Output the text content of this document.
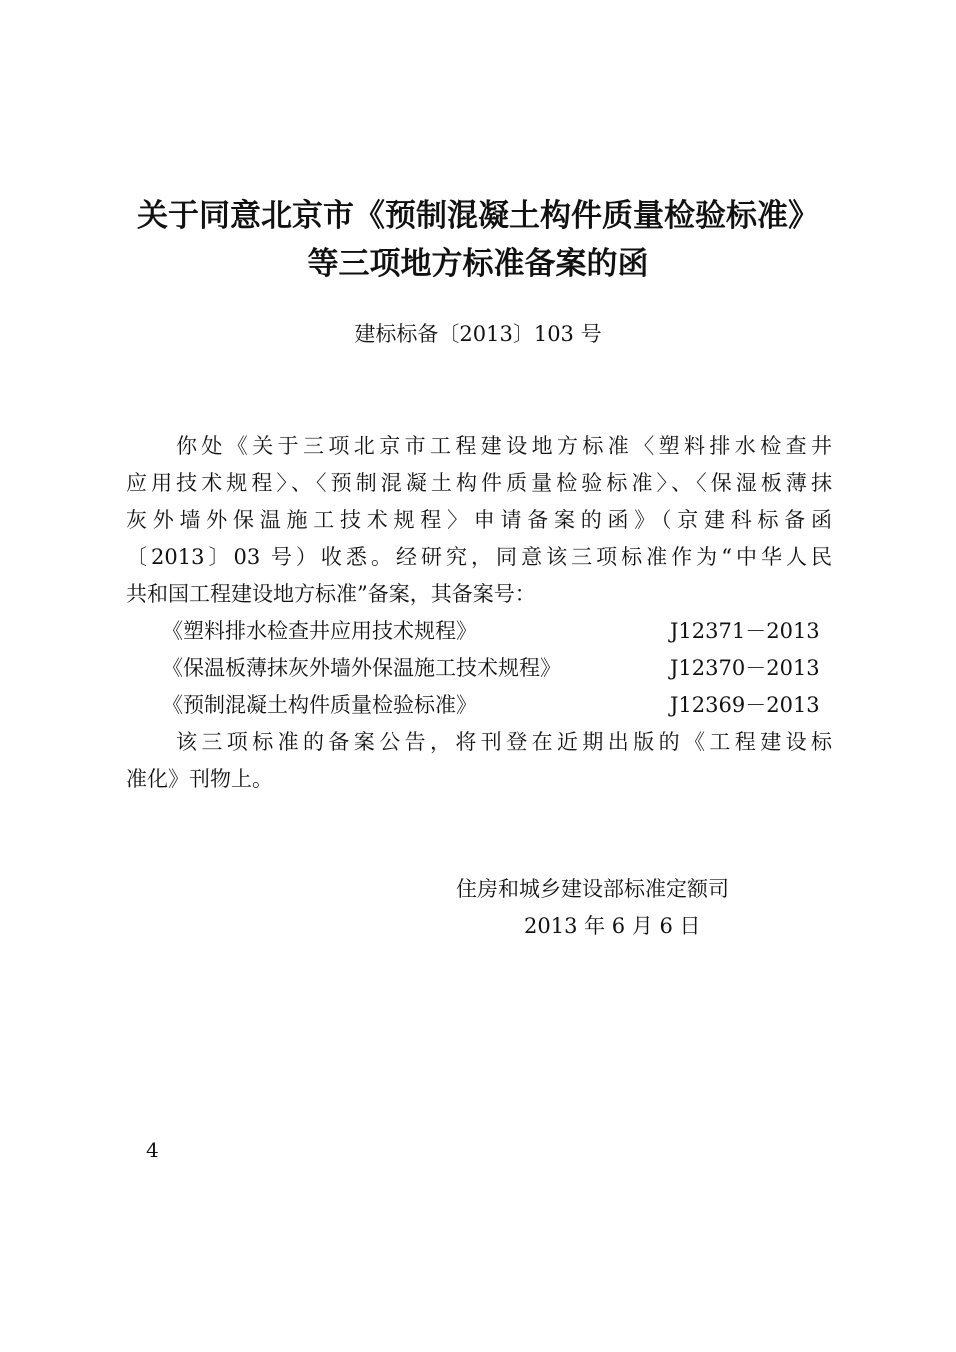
关于同意北京市《预制混凝土构件质量检验标准》
等三项地方标准备案的函
建标标备〔2013〕103 号
你处《关于三项北京市工程建设地方标准〈塑料排水检查井
应用技术规程〉、〈预制混凝土构件质量检验标准〉、〈保湿板薄抹
灰外墙外保温施工技术规程〉申请备案的函》（京建科标备函
〔2013〕03 号）收悉。经研究，同意该三项标准作为“中华人民
共和国工程建设地方标准”备案，其备案号：
《塑料排水检查井应用技术规程》	J12371－2013
《保温板薄抹灰外墙外保温施工技术规程》	J12370－2013
《预制混凝土构件质量检验标准》	J12369－2013
该三项标准的备案公告，将刊登在近期出版的《工程建设标
准化》刊物上。
住房和城乡建设部标准定额司
2013 年 6 月 6 日
4
